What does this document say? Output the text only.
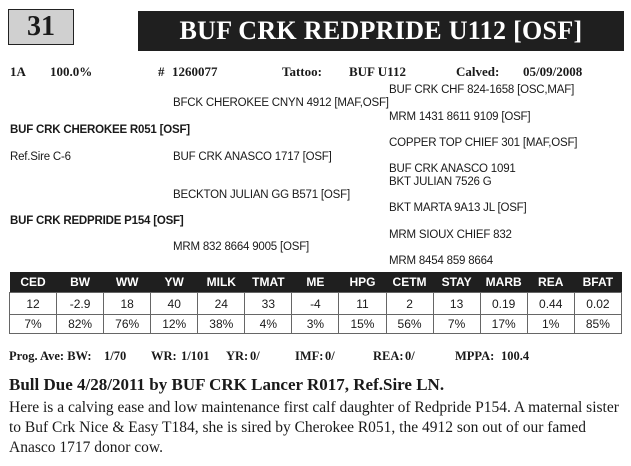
31	BUF CRK REDPRIDE U112 [OSF]
1A 100.0%	# 1260077	Tattoo: BUF U112	Calved: 05/09/2008
BUF CRK CHF 824-1658 [OSC,MAF]
BFCK CHEROKEE CNYN 4912 [MAF,OSF]
MRM 1431 8611 9109 [OSF]
BUF CRK CHEROKEE R051 [OSF]
COPPER TOP CHIEF 301 [MAF,OSF]
Ref.Sire C-6	BUF CRK ANASCO 1717 [OSF]
BUF CRK ANASCO 1091
BKT JULIAN 7526 G
BECKTON JULIAN GG B571 [OSF]
BKT MARTA 9A13 JL [OSF]
BUF CRK REDPRIDE P154 [OSF]
MRM SIOUX CHIEF 832
MRM 832 8664 9005 [OSF]
MRM 8454 859 8664
CED	BW	WW	YW	MILK	TMAT	ME	HPG	CETM	STAY	MARB	REA	BFAT
12	-2.9	18	40	24	33	-4	11	2	13	0.19	0.44	0.02
7%	82%	76%	12%	38%	4%	3%	15%	56%	7%	17%	1%	85%
Prog. Ave: BW: 1/70 WR: 1/101 YR: 0/	IMF: 0/	REA: 0/	MPPA: 100.4
Bull Due 4/28/2011 by BUF CRK Lancer R017, Ref.Sire LN.
Here is a calving ease and low maintenance first calf daughter of Redpride P154. A maternal sister to Buf Crk Nice & Easy T184, she is sired by Cherokee R051, the 4912 son out of our famed Anasco 1717 donor cow.
